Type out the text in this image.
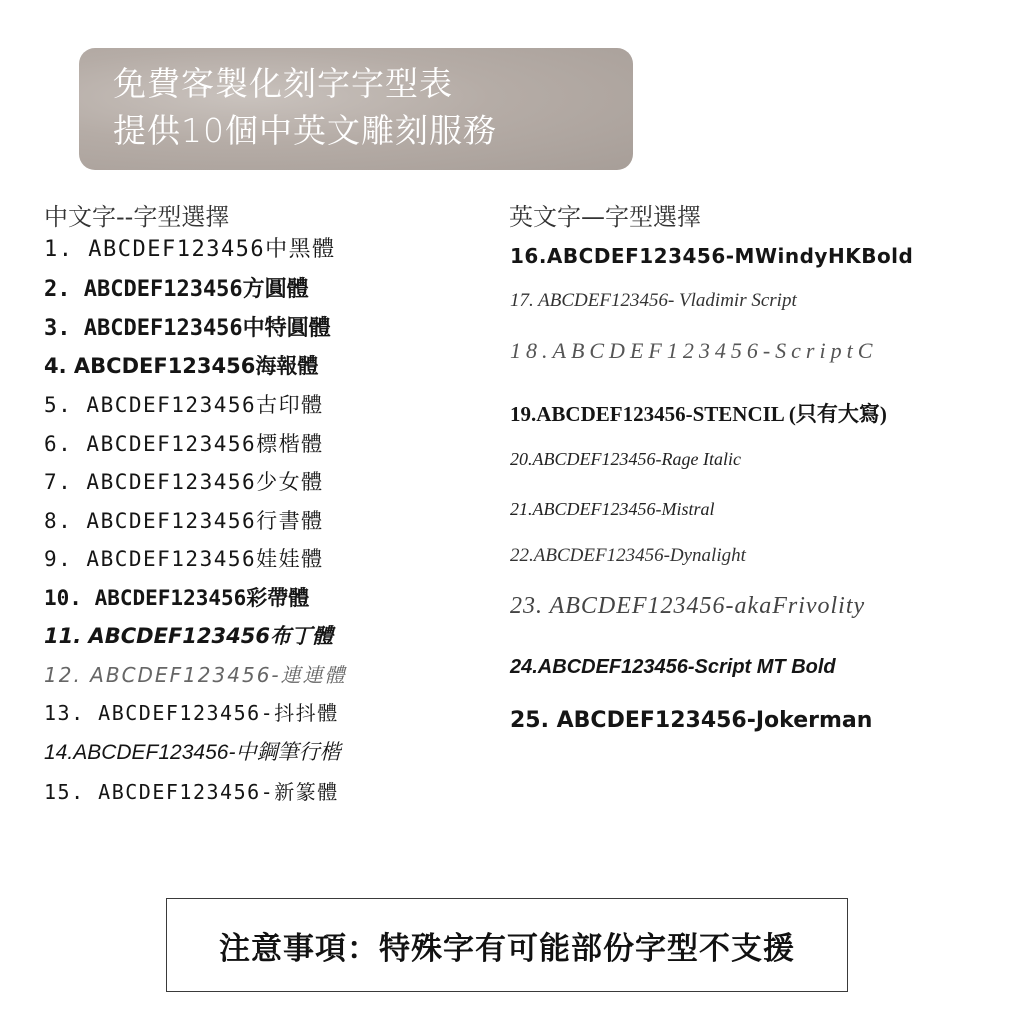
免費客製化刻字字型表
提供10個中英文雕刻服務
中文字--字型選擇
1. ABCDEF123456中黑體
2. ABCDEF123456方圓體
3. ABCDEF123456中特圓體
4. ABCDEF123456海報體
5. ABCDEF123456古印體
6. ABCDEF123456標楷體
7. ABCDEF123456少女體
8. ABCDEF123456行書體
9. ABCDEF123456娃娃體
10. ABCDEF123456彩帶體
11. ABCDEF123456布丁體
12. ABCDEF123456-連連體
13. ABCDEF123456-抖抖體
14.ABCDEF123456-中鋼筆行楷
15. ABCDEF123456-新篆體
英文字—字型選擇
16.ABCDEF123456-MWindyHKBold
17. ABCDEF123456- Vladimir Script
18.ABCDEF123456-ScriptC
19.ABCDEF123456-STENCIL (只有大寫)
20.ABCDEF123456-Rage Italic
21.ABCDEF123456-Mistral
22.ABCDEF123456-Dynalight
23. ABCDEF123456-akaFrivolity
24.ABCDEF123456-Script MT Bold
25. ABCDEF123456-Jokerman
注意事項：特殊字有可能部份字型不支援
